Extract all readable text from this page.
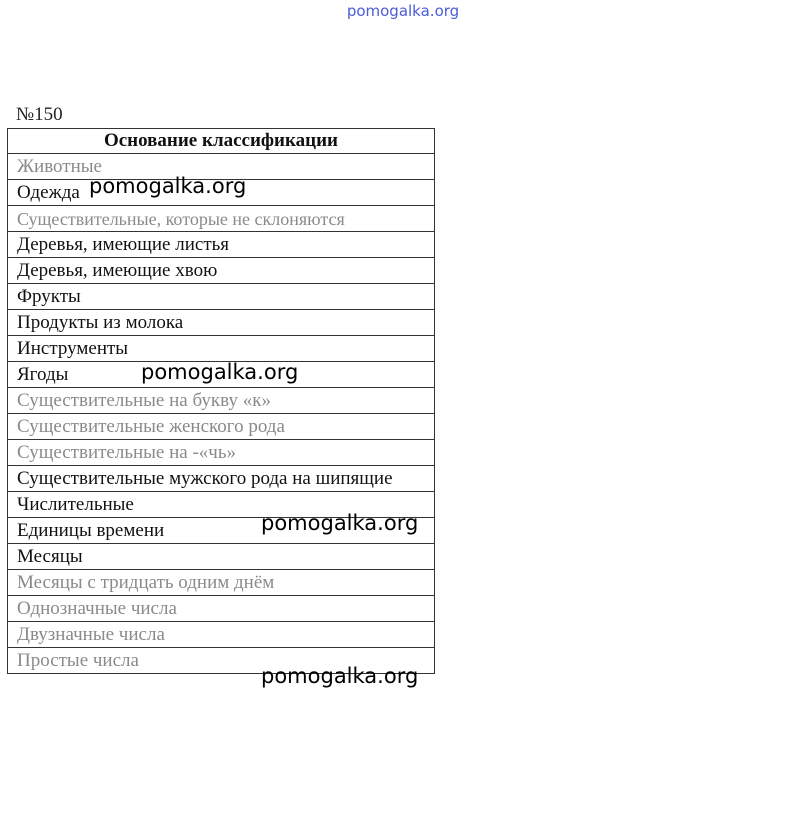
pomogalka.org
№150
Основание классификации
Животные
Одежда
Существительные, которые не склоняются
Деревья, имеющие листья
Деревья, имеющие хвою
Фрукты
Продукты из молока
Инструменты
Ягоды
Существительные на букву «к»
Существительные женского рода
Существительные на -«чь»
Существительные мужского рода на шипящие
Числительные
Единицы времени
Месяцы
Месяцы с тридцать одним днём
Однозначные числа
Двузначные числа
Простые числа
pomogalka.org
pomogalka.org
pomogalka.org
pomogalka.org
